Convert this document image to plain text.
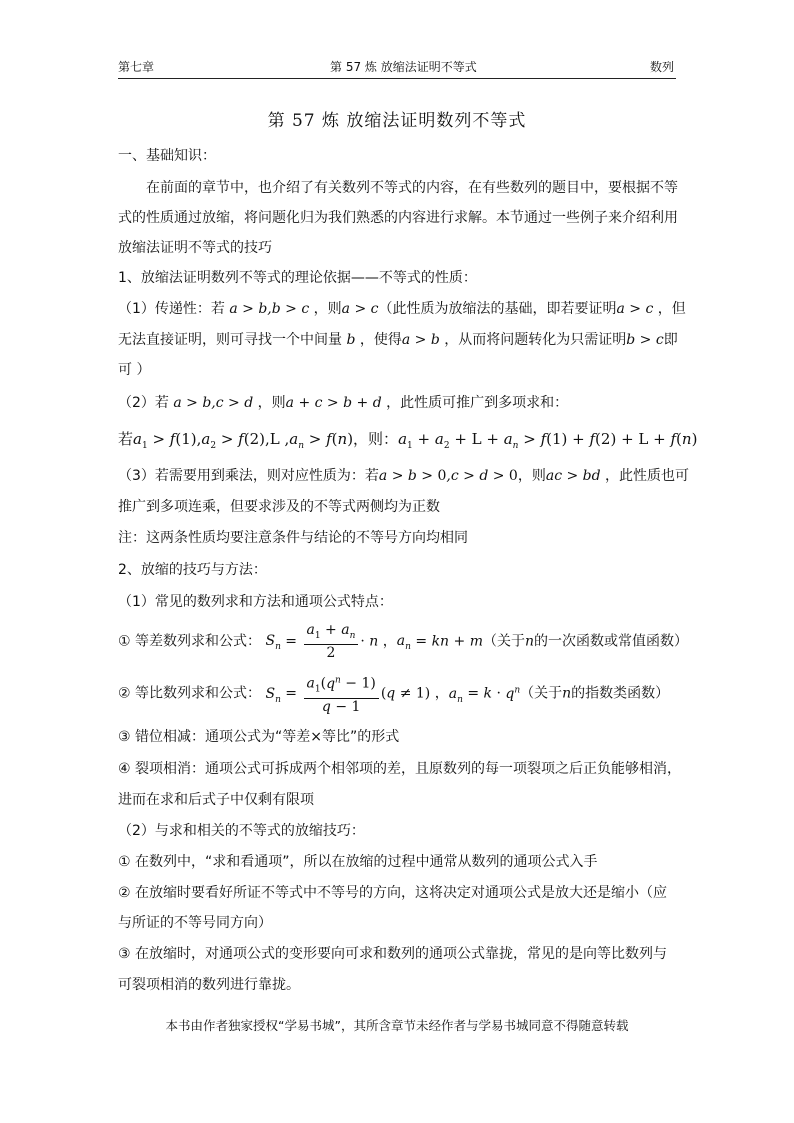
第七章	第 57 炼 放缩法证明不等式	数列
第 57 炼 放缩法证明数列不等式
一、基础知识：
在前面的章节中，也介绍了有关数列不等式的内容，在有些数列的题目中，要根据不等
式的性质通过放缩，将问题化归为我们熟悉的内容进行求解。本节通过一些例子来介绍利用
放缩法证明不等式的技巧
1、放缩法证明数列不等式的理论依据——不等式的性质：
（1）传递性：若 a > b,b > c ，则a > c（此性质为放缩法的基础，即若要证明a > c ，但
无法直接证明，则可寻找一个中间量 b ，使得a > b ，从而将问题转化为只需证明b > c即
可 ）
（2）若 a > b,c > d ，则a + c > b + d ，此性质可推广到多项求和：
若$a_1 > f(1),a_2 > f(2),L$ $,a_n > f(n)$，则：$a_1 + a_2 + L + a_n > f(1) + f(2) + L + f(n)$
（3）若需要用到乘法，则对应性质为：若a > b > 0,c > d > 0，则ac > bd ，此性质也可
推广到多项连乘，但要求涉及的不等式两侧均为正数
注：这两条性质均要注意条件与结论的不等号方向均相同
2、放缩的技巧与方法：
（1）常见的数列求和方法和通项公式特点：
① 等差数列求和公式： $S_n = \frac{a_1 + a_n}{2} \cdot n$ ，$a_n$ = kn + m（关于n的一次函数或常值函数）
② 等比数列求和公式： $S_n = \frac{a_1(q^n - 1)}{q - 1} (q \ne 1)$ ，$a_n = k \cdot q^n$（关于n的指数类函数）
③ 错位相减：通项公式为“等差×等比”的形式
④ 裂项相消：通项公式可拆成两个相邻项的差，且原数列的每一项裂项之后正负能够相消，
进而在求和后式子中仅剩有限项
（2）与求和相关的不等式的放缩技巧：
① 在数列中，“求和看通项”，所以在放缩的过程中通常从数列的通项公式入手
② 在放缩时要看好所证不等式中不等号的方向，这将决定对通项公式是放大还是缩小（应
与所证的不等号同方向）
③ 在放缩时，对通项公式的变形要向可求和数列的通项公式靠拢，常见的是向等比数列与
可裂项相消的数列进行靠拢。
本书由作者独家授权“学易书城”，其所含章节未经作者与学易书城同意不得随意转载
